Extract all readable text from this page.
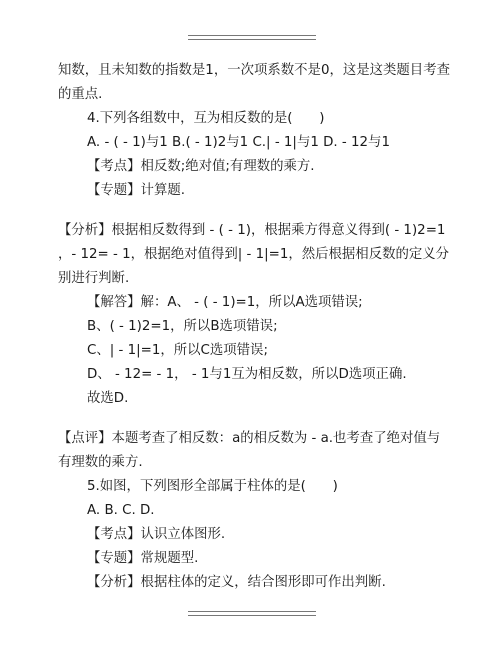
知数，且未知数的指数是1，一次项系数不是0，这是这类题目考查
的重点.
4.下列各组数中，互为相反数的是(　　)
A. - ( - 1)与1 B.( - 1)2与1 C.| - 1|与1 D. - 12与1
【考点】相反数;绝对值;有理数的乘方.
【专题】计算题.
【分析】根据相反数得到 - ( - 1)，根据乘方得意义得到( - 1)2=1
，- 12= - 1，根据绝对值得到| - 1|=1，然后根据相反数的定义分
别进行判断.
【解答】解：A、 - ( - 1)=1，所以A选项错误;
B、( - 1)2=1，所以B选项错误;
C、| - 1|=1，所以C选项错误;
D、 - 12= - 1， - 1与1互为相反数，所以D选项正确.
故选D.
【点评】本题考查了相反数：a的相反数为 - a.也考查了绝对值与
有理数的乘方.
5.如图，下列图形全部属于柱体的是(　　)
A. B. C. D.
【考点】认识立体图形.
【专题】常规题型.
【分析】根据柱体的定义，结合图形即可作出判断.
